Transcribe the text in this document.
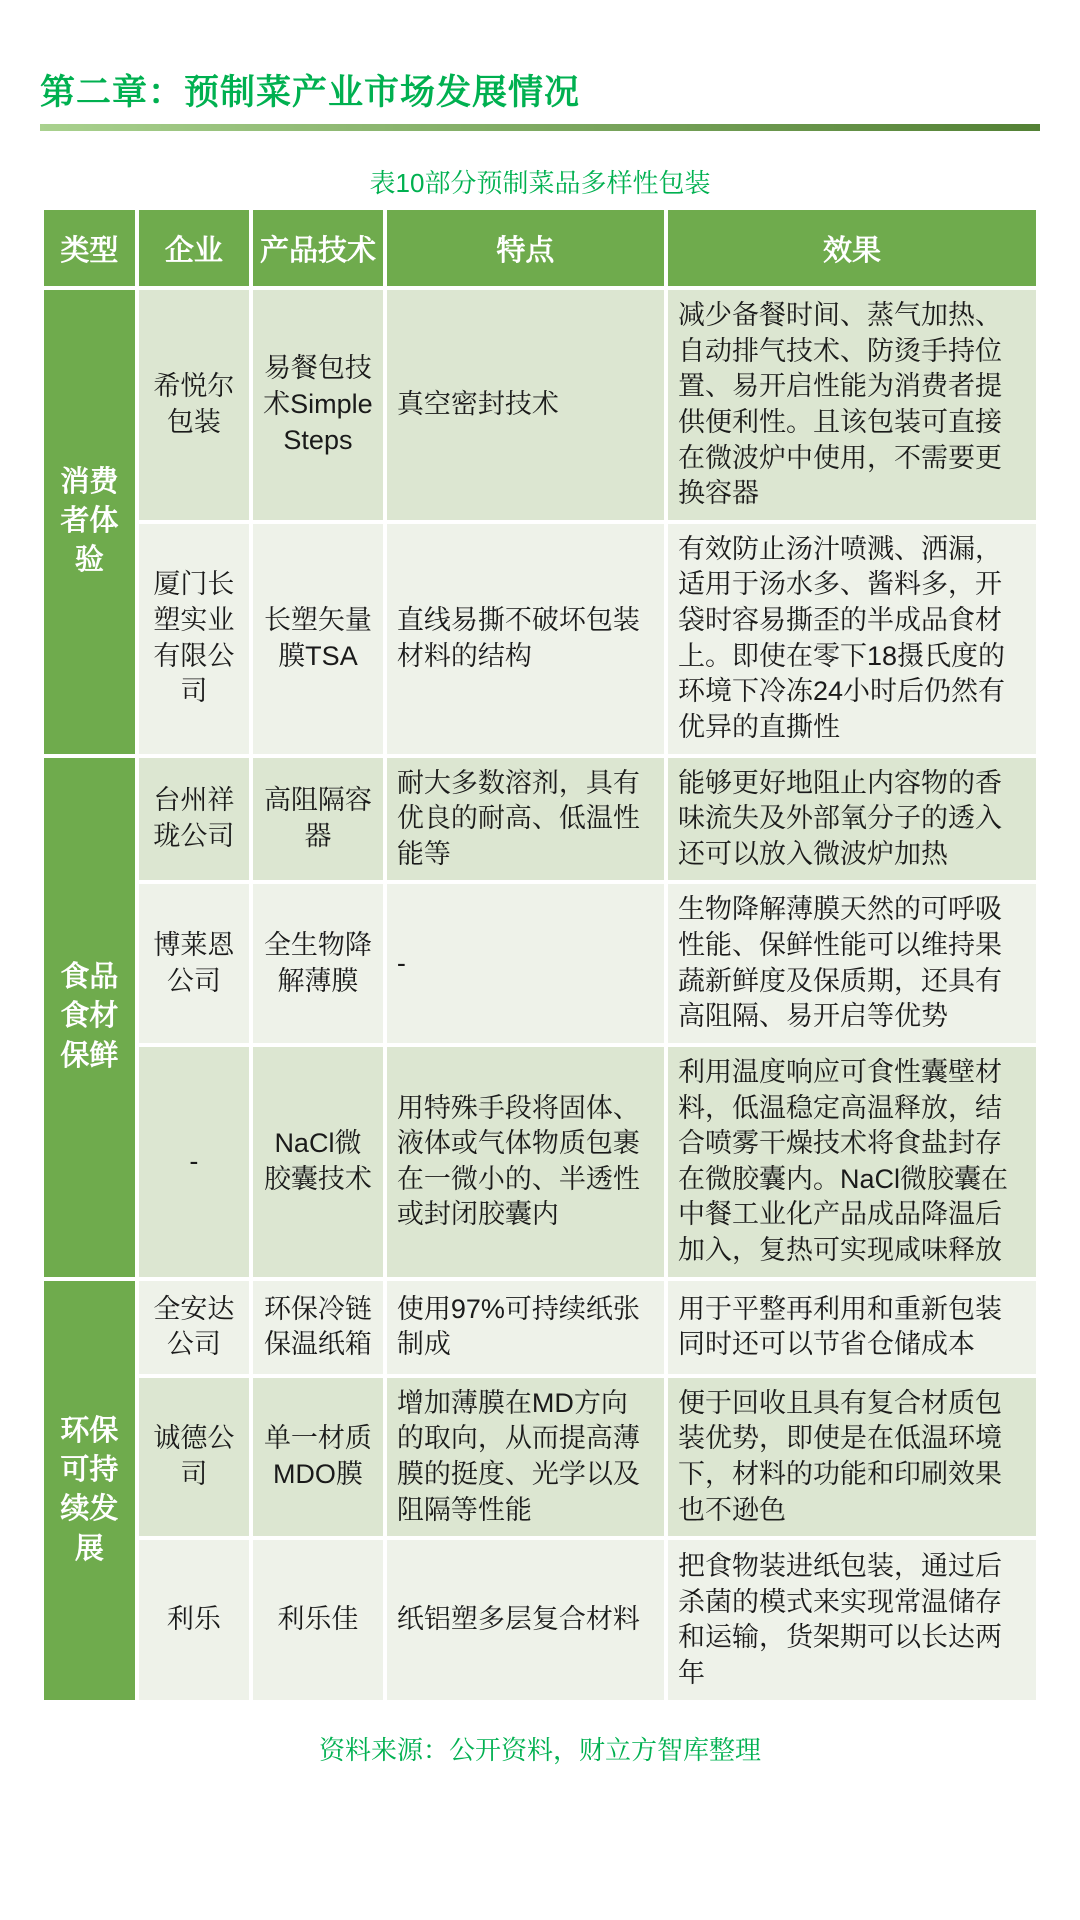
第二章：预制菜产业市场发展情况
表10部分预制菜品多样性包装
类型	企业	产品技术	特点	效果
消费者体验	希悦尔包装	易餐包技术Simple Steps	真空密封技术	减少备餐时间、蒸气加热、自动排气技术、防烫手持位置、易开启性能为消费者提供便利性。且该包装可直接在微波炉中使用，不需要更换容器
	厦门长塑实业有限公司	长塑矢量膜TSA	直线易撕不破坏包装材料的结构	有效防止汤汁喷溅、洒漏，适用于汤水多、酱料多，开袋时容易撕歪的半成品食材上。即使在零下18摄氏度的环境下冷冻24小时后仍然有优异的直撕性
食品食材保鲜	台州祥珑公司	高阻隔容器	耐大多数溶剂，具有优良的耐高、低温性能等	能够更好地阻止内容物的香味流失及外部氧分子的透入还可以放入微波炉加热
	博莱恩公司	全生物降解薄膜	-	生物降解薄膜天然的可呼吸性能、保鲜性能可以维持果蔬新鲜度及保质期，还具有高阻隔、易开启等优势
	-	NaCl微胶囊技术	用特殊手段将固体、液体或气体物质包裹在一微小的、半透性或封闭胶囊内	利用温度响应可食性囊壁材料，低温稳定高温释放，结合喷雾干燥技术将食盐封存在微胶囊内。NaCl微胶囊在中餐工业化产品成品降温后加入，复热可实现咸味释放
环保可持续发展	全安达公司	环保冷链保温纸箱	使用97%可持续纸张制成	用于平整再利用和重新包装同时还可以节省仓储成本
	诚德公司	单一材质MDO膜	增加薄膜在MD方向的取向，从而提高薄膜的挺度、光学以及阻隔等性能	便于回收且具有复合材质包装优势，即使是在低温环境下，材料的功能和印刷效果也不逊色
	利乐	利乐佳	纸铝塑多层复合材料	把食物装进纸包装，通过后杀菌的模式来实现常温储存和运输，货架期可以长达两年
资料来源：公开资料，财立方智库整理
